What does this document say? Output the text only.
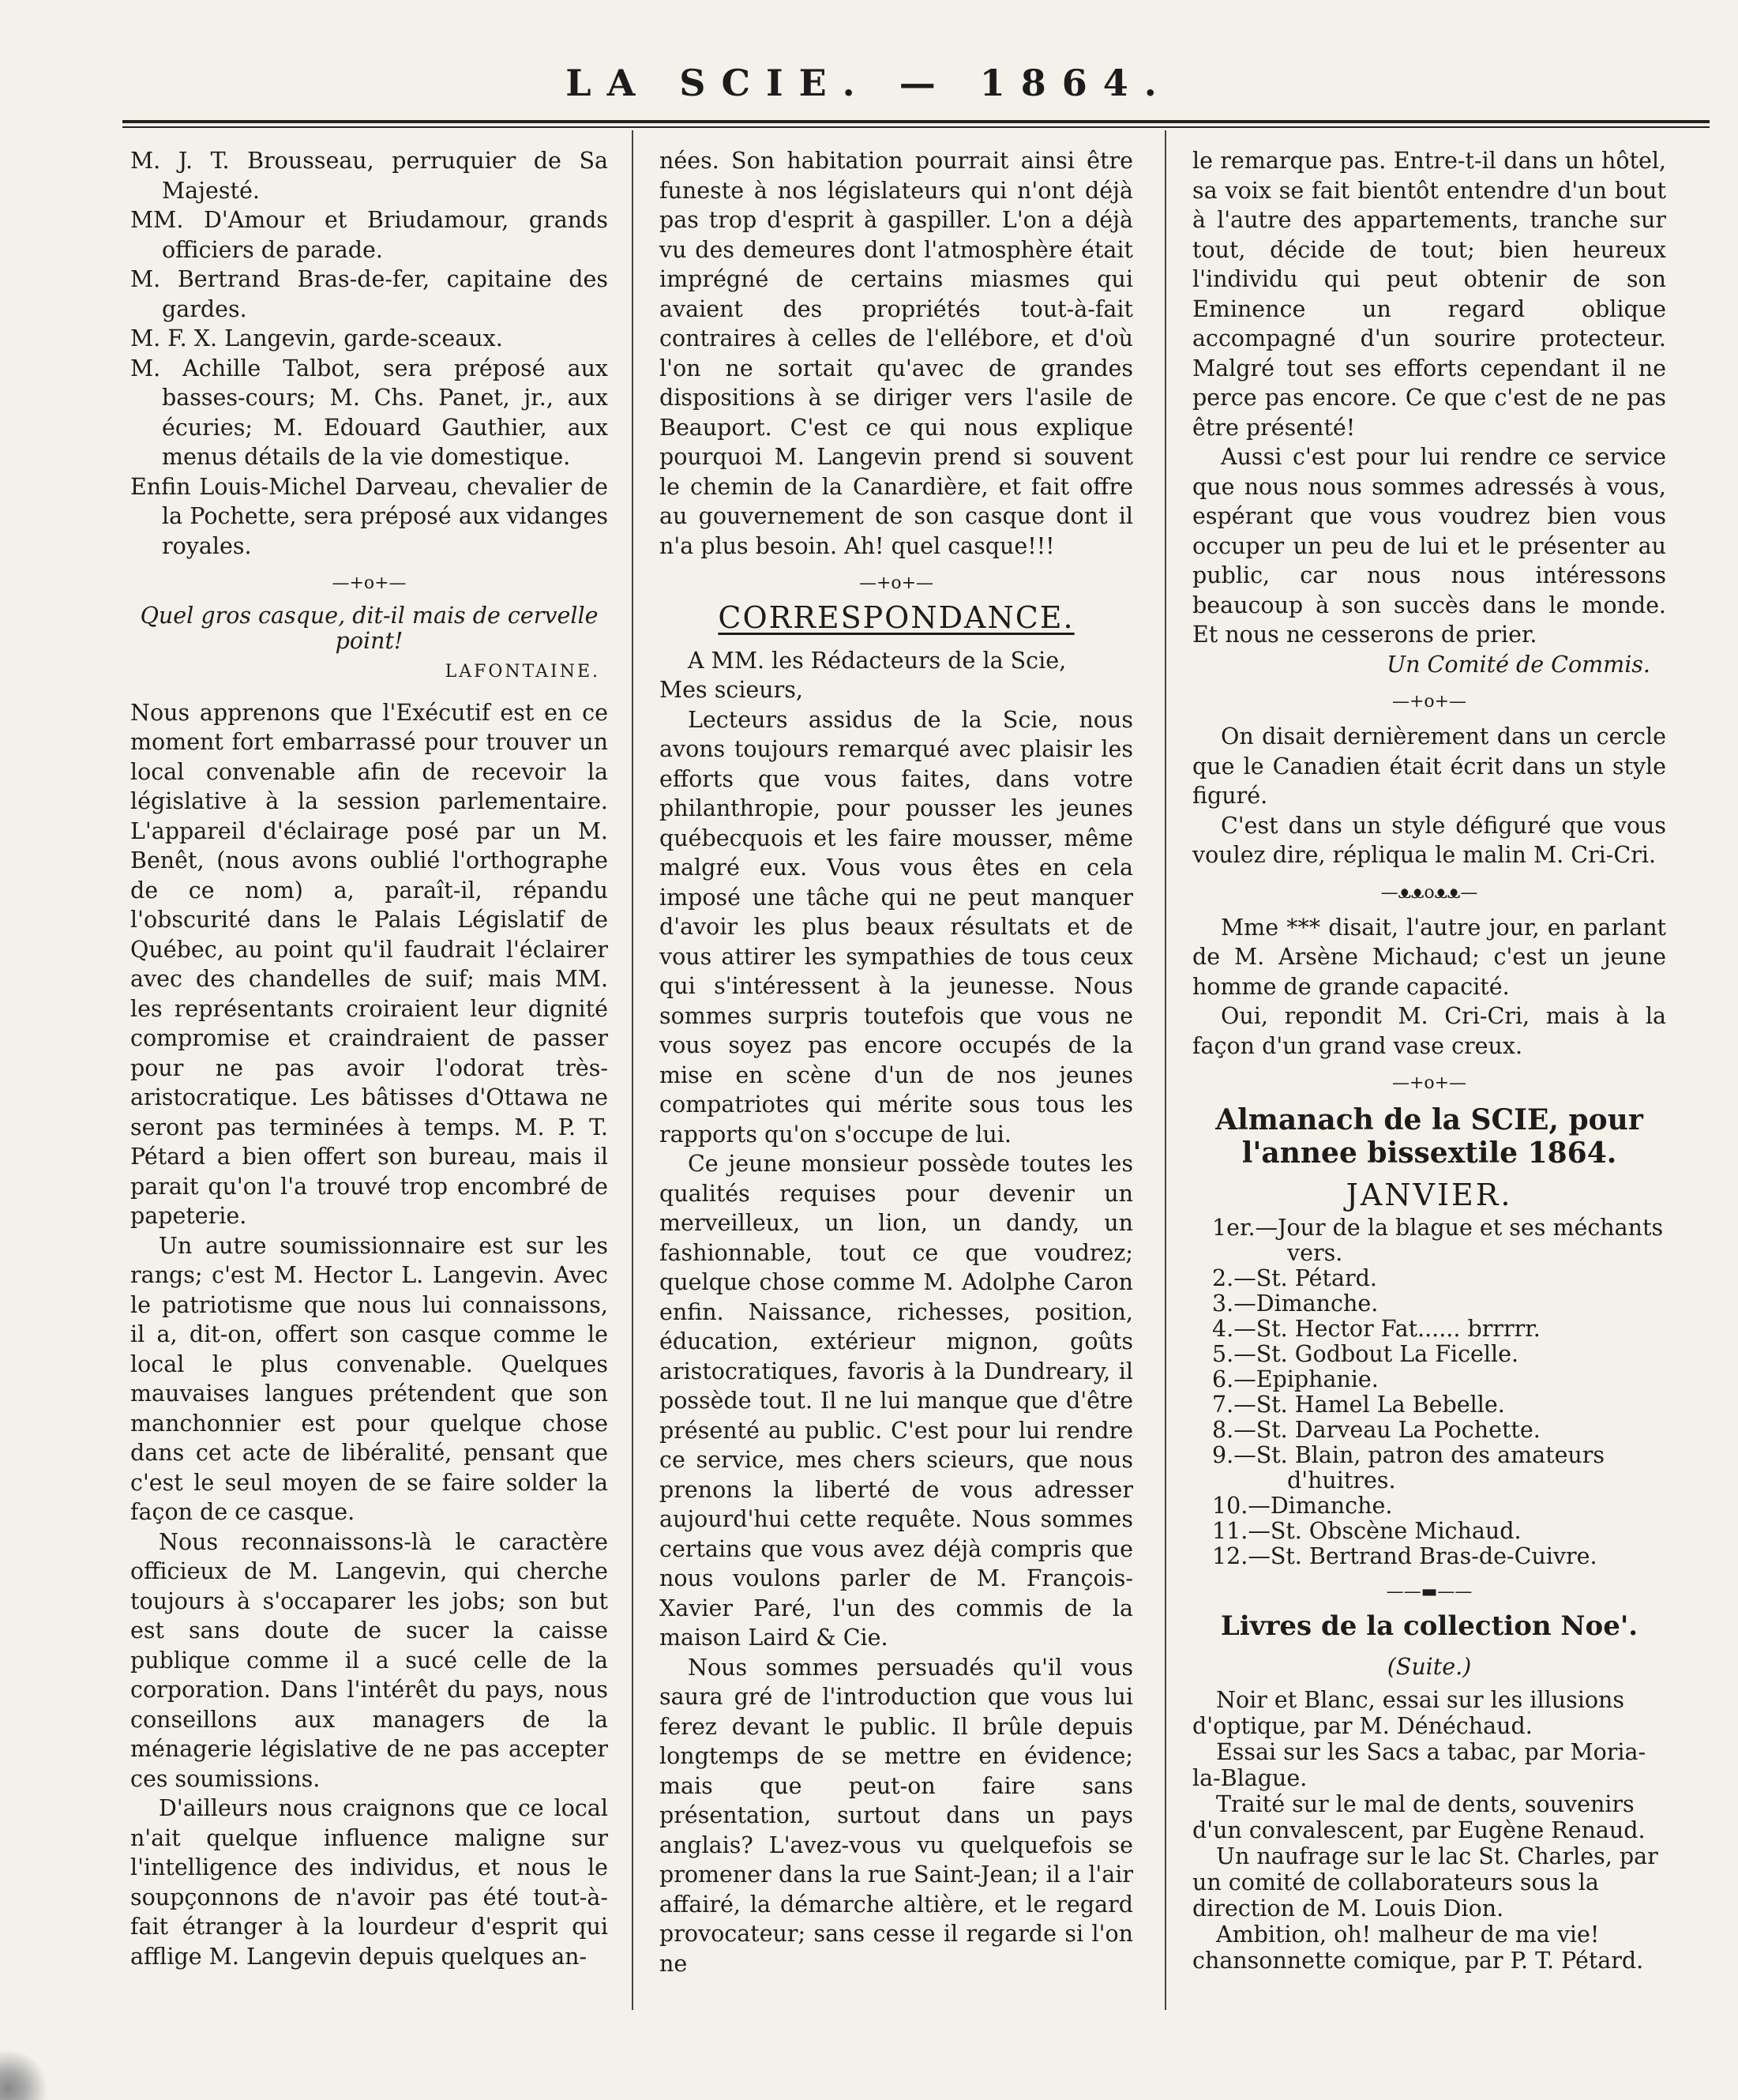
LA SCIE. — 1864.

M. J. T. Brousseau, perruquier de Sa Majesté.

MM. D'Amour et Briudamour, grands officiers de parade.

M. Bertrand Bras-de-fer, capitaine des gardes.

M. F. X. Langevin, garde-sceaux.

M. Achille Talbot, sera préposé aux basses-cours; M. Chs. Panet, jr., aux écuries; M. Edouard Gauthier, aux menus détails de la vie domestique.

Enfin Louis-Michel Darveau, chevalier de la Pochette, sera préposé aux vidanges royales.

—+o+—

Quel gros casque, dit-il mais de cervelle point!

LAFONTAINE.

Nous apprenons que l'Exécutif est en ce moment fort embarrassé pour trouver un local convenable afin de recevoir la législative à la session parlementaire. L'appareil d'éclairage posé par un M. Benêt, (nous avons oublié l'orthographe de ce nom) a, paraît-il, répandu l'obscurité dans le Palais Législatif de Québec, au point qu'il faudrait l'éclairer avec des chandelles de suif; mais MM. les représentants croiraient leur dignité compromise et craindraient de passer pour ne pas avoir l'odorat très-aristocratique. Les bâtisses d'Ottawa ne seront pas terminées à temps. M. P. T. Pétard a bien offert son bureau, mais il parait qu'on l'a trouvé trop encombré de papeterie.

Un autre soumissionnaire est sur les rangs; c'est M. Hector L. Langevin. Avec le patriotisme que nous lui connaissons, il a, dit-on, offert son casque comme le local le plus convenable. Quelques mauvaises langues prétendent que son manchonnier est pour quelque chose dans cet acte de libéralité, pensant que c'est le seul moyen de se faire solder la façon de ce casque.

Nous reconnaissons-là le caractère officieux de M. Langevin, qui cherche toujours à s'occaparer les jobs; son but est sans doute de sucer la caisse publique comme il a sucé celle de la corporation. Dans l'intérêt du pays, nous conseillons aux managers de la ménagerie législative de ne pas accepter ces soumissions.

D'ailleurs nous craignons que ce local n'ait quelque influence maligne sur l'intelligence des individus, et nous le soupçonnons de n'avoir pas été tout-à-fait étranger à la lourdeur d'esprit qui afflige M. Langevin depuis quelques an-

nées. Son habitation pourrait ainsi être funeste à nos législateurs qui n'ont déjà pas trop d'esprit à gaspiller. L'on a déjà vu des demeures dont l'atmosphère était imprégné de certains miasmes qui avaient des propriétés tout-à-fait contraires à celles de l'ellébore, et d'où l'on ne sortait qu'avec de grandes dispositions à se diriger vers l'asile de Beauport. C'est ce qui nous explique pourquoi M. Langevin prend si souvent le chemin de la Canardière, et fait offre au gouvernement de son casque dont il n'a plus besoin. Ah! quel casque!!!

—+o+—
CORRESPONDANCE.

A MM. les Rédacteurs de la Scie,

Mes scieurs,

Lecteurs assidus de la Scie, nous avons toujours remarqué avec plaisir les efforts que vous faites, dans votre philanthropie, pour pousser les jeunes québecquois et les faire mousser, même malgré eux. Vous vous êtes en cela imposé une tâche qui ne peut manquer d'avoir les plus beaux résultats et de vous attirer les sympathies de tous ceux qui s'intéressent à la jeunesse. Nous sommes surpris toutefois que vous ne vous soyez pas encore occupés de la mise en scène d'un de nos jeunes compatriotes qui mérite sous tous les rapports qu'on s'occupe de lui.

Ce jeune monsieur possède toutes les qualités requises pour devenir un merveilleux, un lion, un dandy, un fashionnable, tout ce que voudrez; quelque chose comme M. Adolphe Caron enfin. Naissance, richesses, position, éducation, extérieur mignon, goûts aristocratiques, favoris à la Dundreary, il possède tout. Il ne lui manque que d'être présenté au public. C'est pour lui rendre ce service, mes chers scieurs, que nous prenons la liberté de vous adresser aujourd'hui cette requête. Nous sommes certains que vous avez déjà compris que nous voulons parler de M. François-Xavier Paré, l'un des commis de la maison Laird & Cie.

Nous sommes persuadés qu'il vous saura gré de l'introduction que vous lui ferez devant le public. Il brûle depuis longtemps de se mettre en évidence; mais que peut-on faire sans présentation, surtout dans un pays anglais? L'avez-vous vu quelquefois se promener dans la rue Saint-Jean; il a l'air affairé, la démarche altière, et le regard provocateur; sans cesse il regarde si l'on ne

le remarque pas. Entre-t-il dans un hôtel, sa voix se fait bientôt entendre d'un bout à l'autre des appartements, tranche sur tout, décide de tout; bien heureux l'individu qui peut obtenir de son Eminence un regard oblique accompagné d'un sourire protecteur. Malgré tout ses efforts cependant il ne perce pas encore. Ce que c'est de ne pas être présenté!

Aussi c'est pour lui rendre ce service que nous nous sommes adressés à vous, espérant que vous voudrez bien vous occuper un peu de lui et le présenter au public, car nous nous intéressons beaucoup à son succès dans le monde. Et nous ne cesserons de prier.

Un Comité de Commis.

—+o+—

On disait dernièrement dans un cercle que le Canadien était écrit dans un style figuré.

C'est dans un style défiguré que vous voulez dire, répliqua le malin M. Cri-Cri.

—ᴥᴥoᴥᴥ—

Mme *** disait, l'autre jour, en parlant de M. Arsène Michaud; c'est un jeune homme de grande capacité.

Oui, repondit M. Cri-Cri, mais à la façon d'un grand vase creux.

—+o+—
Almanach de la SCIE, pour l'annee bissextile 1864.
JANVIER.

1er.—Jour de la blague et ses méchants vers.

2.—St. Pétard.

3.—Dimanche.

4.—St. Hector Fat...... brrrrr.

5.—St. Godbout La Ficelle.

6.—Epiphanie.

7.—St. Hamel La Bebelle.

8.—St. Darveau La Pochette.

9.—St. Blain, patron des amateurs d'huitres.

10.—Dimanche.

11.—St. Obscène Michaud.

12.—St. Bertrand Bras-de-Cuivre.

——▬——
Livres de la collection Noe'.

(Suite.)

Noir et Blanc, essai sur les illusions d'optique, par M. Dénéchaud.

Essai sur les Sacs a tabac, par Moria-la-Blague.

Traité sur le mal de dents, souvenirs d'un convalescent, par Eugène Renaud.

Un naufrage sur le lac St. Charles, par un comité de collaborateurs sous la direction de M. Louis Dion.

Ambition, oh! malheur de ma vie! chansonnette comique, par P. T. Pétard.
